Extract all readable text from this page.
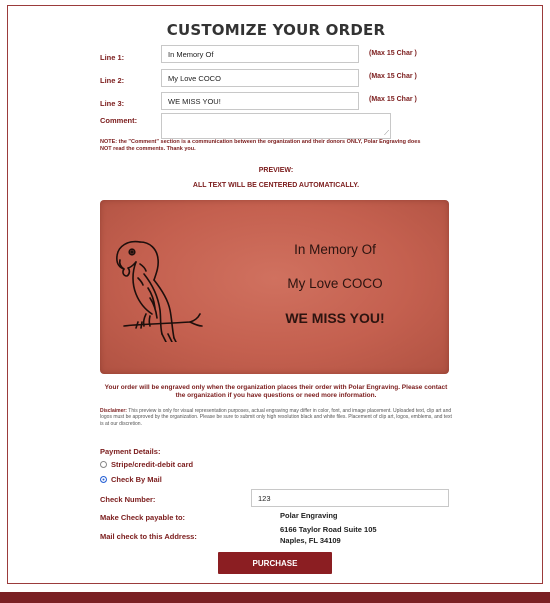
CUSTOMIZE YOUR ORDER
Line 1:	In Memory Of	(Max 15 Char )
Line 2:	My Love COCO	(Max 15 Char )
Line 3:	WE MISS YOU!	(Max 15 Char )
Comment:
⟋
NOTE: the "Comment" section is a communication between the organization and their donors ONLY, Polar Engraving does NOT read the comments. Thank you.
PREVIEW:
ALL TEXT WILL BE CENTERED AUTOMATICALLY.
In Memory Of
My Love COCO
WE MISS YOU!
Your order will be engraved only when the organization places their order with Polar Engraving. Please contact the organization if you have questions or need more information.
Disclaimer: This preview is only for visual representation purposes, actual engraving may differ in color, font, and image placement. Uploaded text, clip art and logos must be approved by the organization. Please be sure to submit only high resolution black and white files. Placement of clip art, logos, emblems, and text is at our discretion.
Payment Details:
Stripe/credit-debit card
Check By Mail
Check Number:	123
Make Check payable to:	Polar Engraving
Mail check to this Address:
6166 Taylor Road Suite 105
Naples, FL 34109
PURCHASE
